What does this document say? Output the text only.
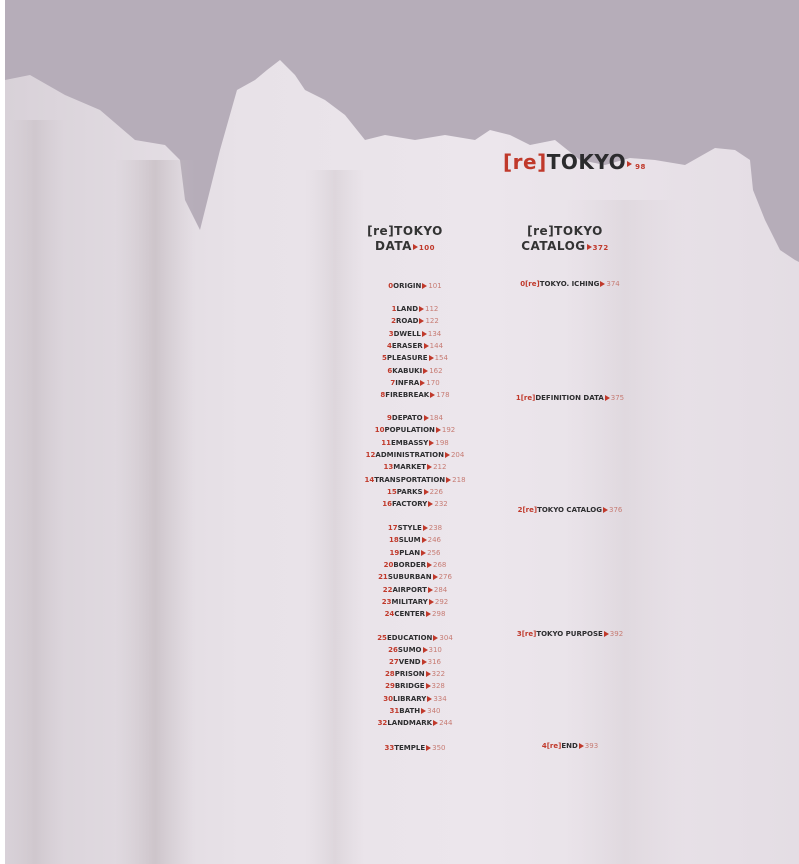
[re]TOKYO 98
[re]TOKYO
DATA 100
[re]TOKYO
CATALOG 372
0ORIGIN 101
1LAND 112
2ROAD 122
3DWELL 134
4ERASER 144
5PLEASURE 154
6KABUKI 162
7INFRA 170
8FIREBREAK 178
9DEPATO 184
10POPULATION 192
11EMBASSY 198
12ADMINISTRATION 204
13MARKET 212
14TRANSPORTATION 218
15PARKS 226
16FACTORY 232
17STYLE 238
18SLUM 246
19PLAN 256
20BORDER 268
21SUBURBAN 276
22AIRPORT 284
23MILITARY 292
24CENTER 298
25EDUCATION 304
26SUMO 310
27VEND 316
28PRISON 322
29BRIDGE 328
30LIBRARY 334
31BATH 340
32LANDMARK 244
33TEMPLE 350
0[re]TOKYO. ICHING 374
1[re]DEFINITION DATA 375
2[re]TOKYO CATALOG 376
3[re]TOKYO PURPOSE 392
4[re]END 393
